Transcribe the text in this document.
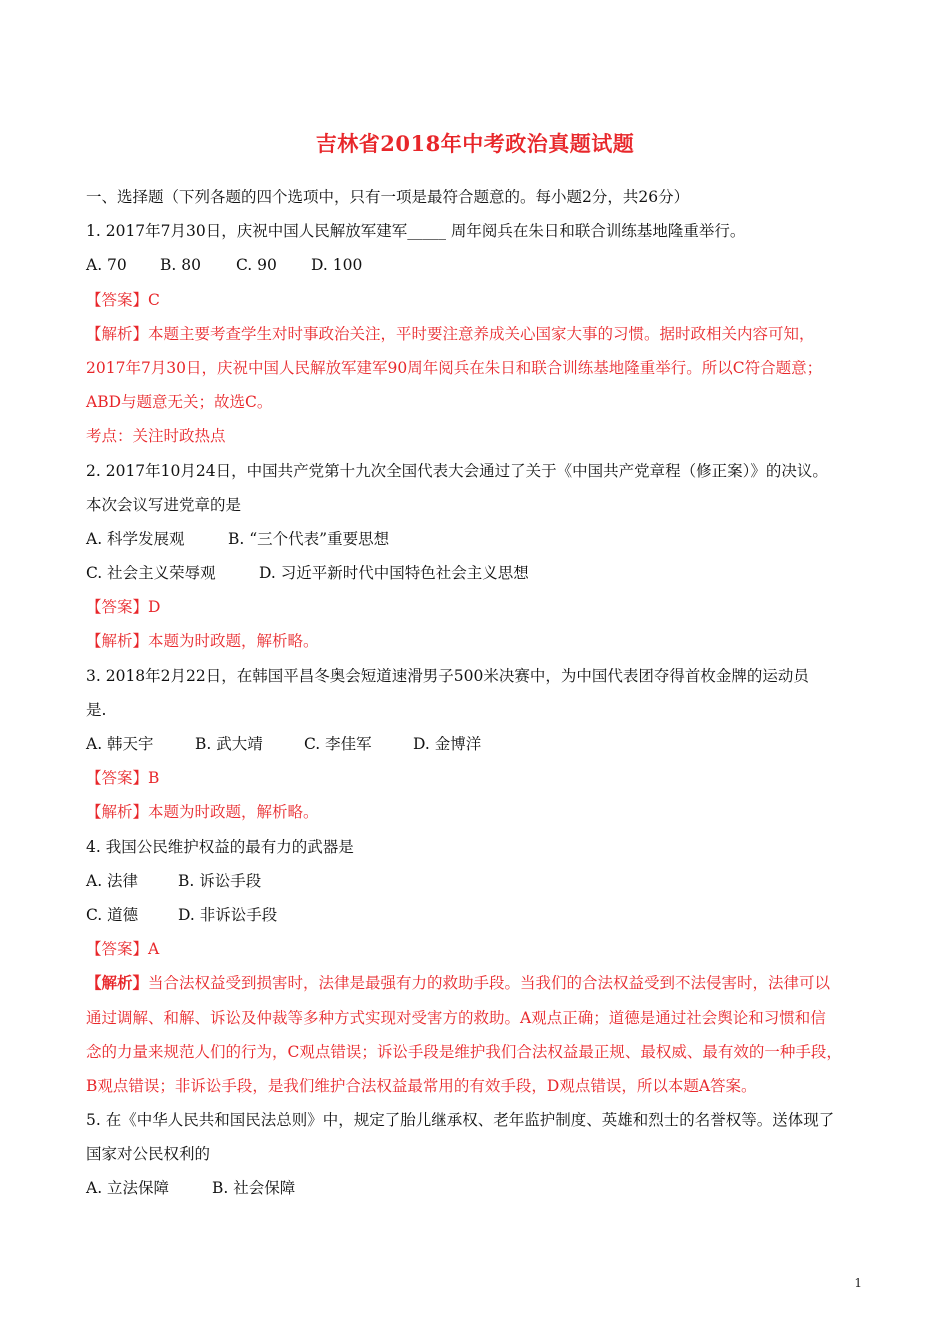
吉林省2018年中考政治真题试题
一、选择题（下列各题的四个选项中，只有一项是最符合题意的。每小题2分，共26分）
1. 2017年7月30日，庆祝中国人民解放军建军_____ 周年阅兵在朱日和联合训练基地隆重举行。
A. 70 B. 80 C. 90 D. 100
【答案】C
【解析】本题主要考查学生对时事政治关注，平时要注意养成关心国家大事的习惯。据时政相关内容可知，
2017年7月30日，庆祝中国人民解放军建军90周年阅兵在朱日和联合训练基地隆重举行。所以C符合题意；
ABD与题意无关；故选C。
考点：关注时政热点
2. 2017年10月24日，中国共产党第十九次全国代表大会通过了关于《中国共产党章程（修正案）》的决议。
本次会议写进党章的是
A. 科学发展观	B. “三个代表”重要思想
C. 社会主义荣辱观	D. 习近平新时代中国特色社会主义思想
【答案】D
【解析】本题为时政题，解析略。
3. 2018年2月22日，在韩国平昌冬奥会短道速滑男子500米决赛中，为中国代表团夺得首枚金牌的运动员
是.
A. 韩天宇	B. 武大靖	C. 李佳军	D. 金博洋
【答案】B
【解析】本题为时政题，解析略。
4. 我国公民维护权益的最有力的武器是
A. 法律	B. 诉讼手段
C. 道德	D. 非诉讼手段
【答案】A
【解析】当合法权益受到损害时，法律是最强有力的救助手段。当我们的合法权益受到不法侵害时，法律可以
通过调解、和解、诉讼及仲裁等多种方式实现对受害方的救助。A观点正确；道德是通过社会舆论和习惯和信
念的力量来规范人们的行为，C观点错误；诉讼手段是维护我们合法权益最正规、最权威、最有效的一种手段，
B观点错误；非诉讼手段，是我们维护合法权益最常用的有效手段，D观点错误，所以本题A答案。
5. 在《中华人民共和国民法总则》中，规定了胎儿继承权、老年监护制度、英雄和烈士的名誉权等。送体现了
国家对公民权利的
A. 立法保障	B. 社会保障
1
